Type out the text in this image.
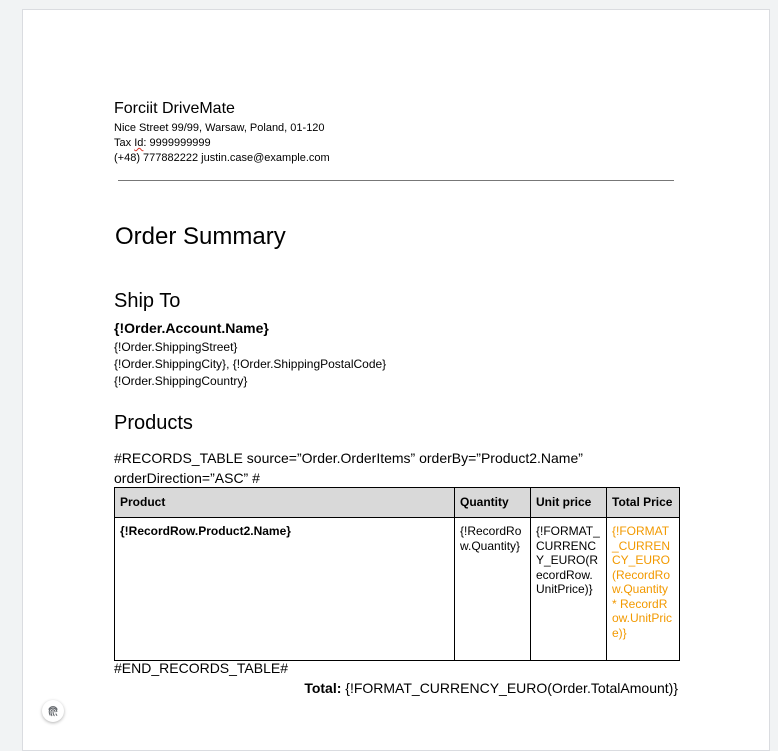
Forciit DriveMate
Nice Street 99/99, Warsaw, Poland, 01-120
Tax Id: 9999999999
(+48) 777882222 justin.case@example.com
Order Summary
Ship To
{!Order.Account.Name}
{!Order.ShippingStreet}
{!Order.ShippingCity}, {!Order.ShippingPostalCode}
{!Order.ShippingCountry}
Products
#RECORDS_TABLE source=”Order.OrderItems” orderBy=”Product2.Name”
orderDirection=”ASC” #
Product	Quantity	Unit price	Total Price
{!RecordRow.Product2.Name}	{!RecordRow.Quantity}	{!FORMAT_CURRENCY_EURO(RecordRow.UnitPrice)}	{!FORMAT_CURRENCY_EURO(RecordRow.Quantity * RecordRow.UnitPrice)}
#END_RECORDS_TABLE#
Total: {!FORMAT_CURRENCY_EURO(Order.TotalAmount)}
